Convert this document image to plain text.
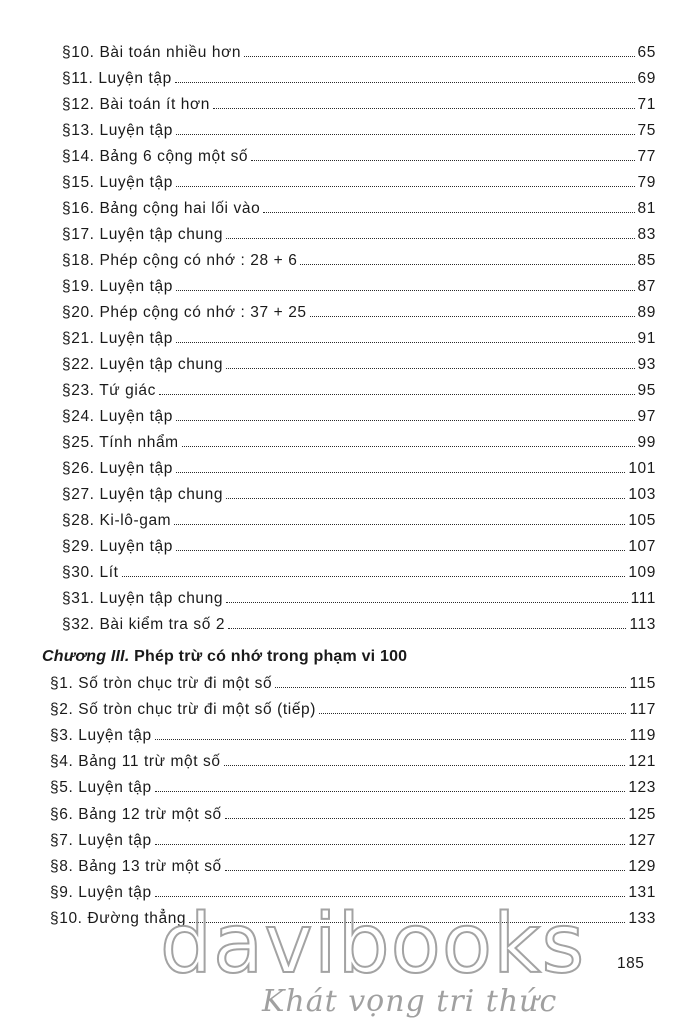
§10. Bài toán nhiều hơn	65
§11. Luyện tập	69
§12. Bài toán ít hơn	71
§13. Luyện tập	75
§14. Bảng 6 cộng một số	77
§15. Luyện tập	79
§16. Bảng cộng hai lối vào	81
§17. Luyện tập chung	83
§18. Phép cộng có nhớ : 28 + 6	85
§19. Luyện tập	87
§20. Phép cộng có nhớ : 37 + 25	89
§21. Luyện tập	91
§22. Luyện tập chung	93
§23. Tứ giác	95
§24. Luyện tập	97
§25. Tính nhẩm	99
§26. Luyện tập	101
§27. Luyện tập chung	103
§28. Ki-lô-gam	105
§29. Luyện tập	107
§30. Lít	109
§31. Luyện tập chung	111
§32. Bài kiểm tra số 2	113
Chương III. Phép trừ có nhớ trong phạm vi 100
§1. Số tròn chục trừ đi một số	115
§2. Số tròn chục trừ đi một số (tiếp)	117
§3. Luyện tập	119
§4. Bảng 11 trừ một số	121
§5. Luyện tập	123
§6. Bảng 12 trừ một số	125
§7. Luyện tập	127
§8. Bảng 13 trừ một số	129
§9. Luyện tập	131
§10. Đường thẳng	133
185
davibooks
Khát vọng tri thức
